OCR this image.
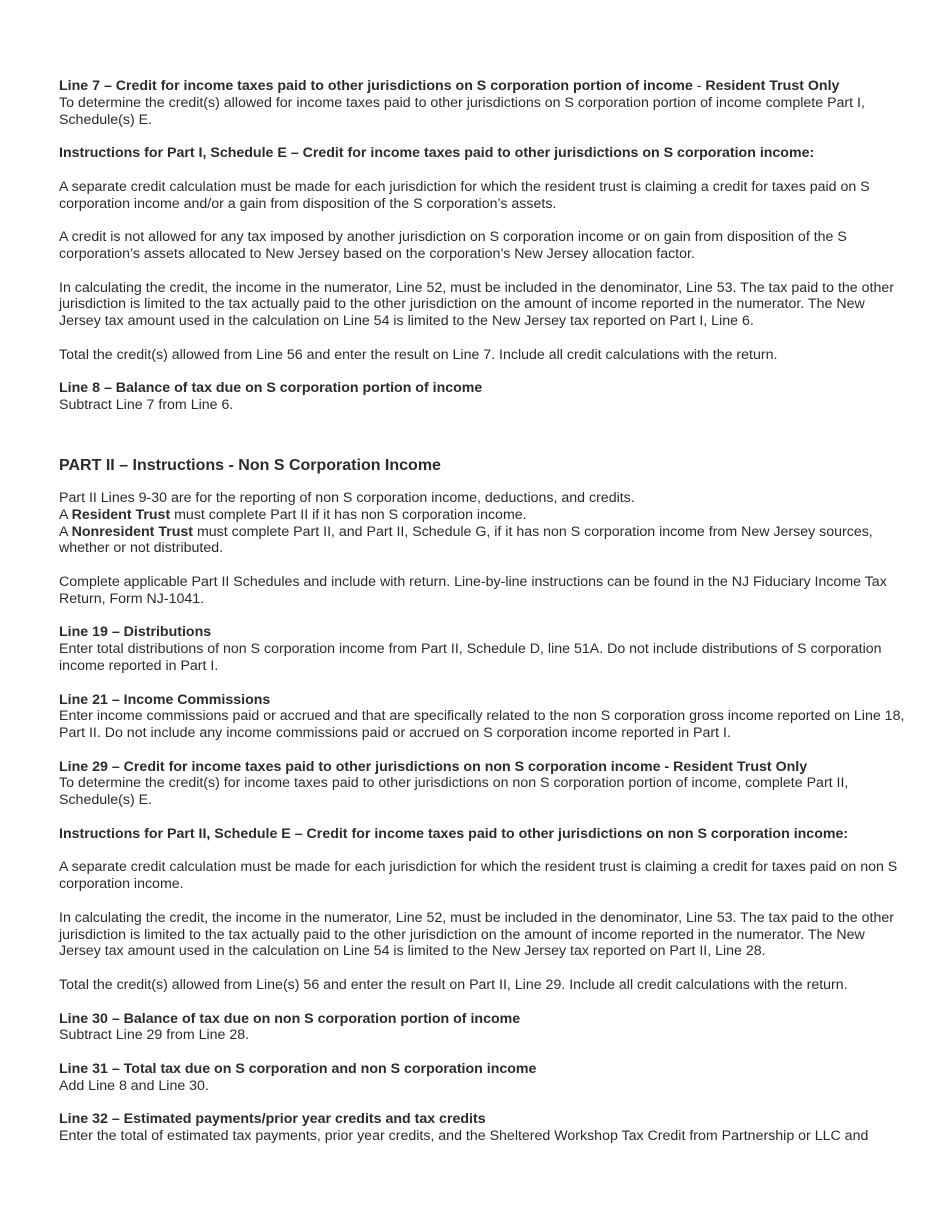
Line 7 – Credit for income taxes paid to other jurisdictions on S corporation portion of income - Resident Trust Only
To determine the credit(s) allowed for income taxes paid to other jurisdictions on S corporation portion of income complete Part I, Schedule(s) E.
Instructions for Part I, Schedule E – Credit for income taxes paid to other jurisdictions on S corporation income:
A separate credit calculation must be made for each jurisdiction for which the resident trust is claiming a credit for taxes paid on S corporation income and/or a gain from disposition of the S corporation’s assets.
A credit is not allowed for any tax imposed by another jurisdiction on S corporation income or on gain from disposition of the S corporation’s assets allocated to New Jersey based on the corporation’s New Jersey allocation factor.
In calculating the credit, the income in the numerator, Line 52, must be included in the denominator, Line 53. The tax paid to the other jurisdiction is limited to the tax actually paid to the other jurisdiction on the amount of income reported in the numerator. The New Jersey tax amount used in the calculation on Line 54 is limited to the New Jersey tax reported on Part I, Line 6.
Total the credit(s) allowed from Line 56 and enter the result on Line 7. Include all credit calculations with the return.
Line 8 – Balance of tax due on S corporation portion of income
Subtract Line 7 from Line 6.
PART II – Instructions - Non S Corporation Income
Part II Lines 9-30 are for the reporting of non S corporation income, deductions, and credits.
A Resident Trust must complete Part II if it has non S corporation income.
A Nonresident Trust must complete Part II, and Part II, Schedule G, if it has non S corporation income from New Jersey sources, whether or not distributed.
Complete applicable Part II Schedules and include with return. Line-by-line instructions can be found in the NJ Fiduciary Income Tax Return, Form NJ-1041.
Line 19 – Distributions
Enter total distributions of non S corporation income from Part II, Schedule D, line 51A. Do not include distributions of S corporation income reported in Part I.
Line 21 – Income Commissions
Enter income commissions paid or accrued and that are specifically related to the non S corporation gross income reported on Line 18, Part II. Do not include any income commissions paid or accrued on S corporation income reported in Part I.
Line 29 – Credit for income taxes paid to other jurisdictions on non S corporation income - Resident Trust Only
To determine the credit(s) for income taxes paid to other jurisdictions on non S corporation portion of income, complete Part II, Schedule(s) E.
Instructions for Part II, Schedule E – Credit for income taxes paid to other jurisdictions on non S corporation income:
A separate credit calculation must be made for each jurisdiction for which the resident trust is claiming a credit for taxes paid on non S corporation income.
In calculating the credit, the income in the numerator, Line 52, must be included in the denominator, Line 53. The tax paid to the other jurisdiction is limited to the tax actually paid to the other jurisdiction on the amount of income reported in the numerator. The New Jersey tax amount used in the calculation on Line 54 is limited to the New Jersey tax reported on Part II, Line 28.
Total the credit(s) allowed from Line(s) 56 and enter the result on Part II, Line 29. Include all credit calculations with the return.
Line 30 – Balance of tax due on non S corporation portion of income
Subtract Line 29 from Line 28.
Line 31 – Total tax due on S corporation and non S corporation income
Add Line 8 and Line 30.
Line 32 – Estimated payments/prior year credits and tax credits
Enter the total of estimated tax payments, prior year credits, and the Sheltered Workshop Tax Credit from Partnership or LLC and
